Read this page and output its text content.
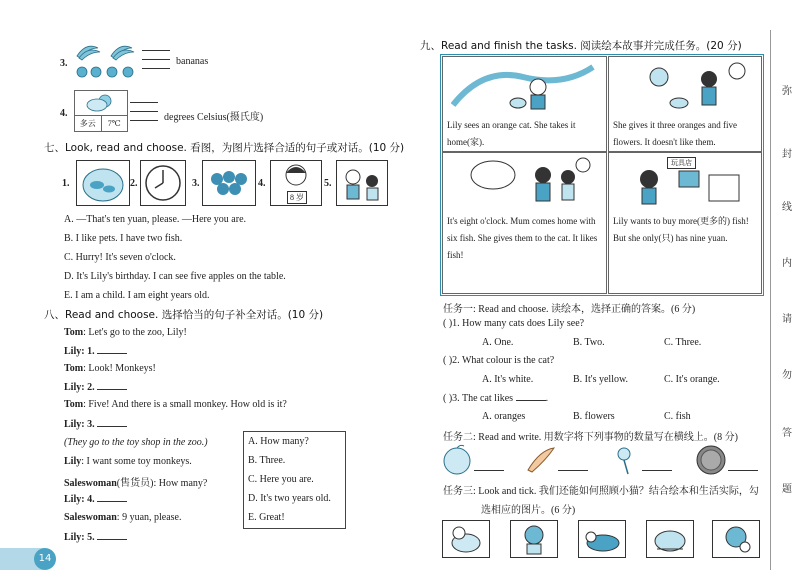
3.	bananas
4.
多云	7℃
degrees Celsius(摄氏度)
七、Look, read and choose. 看图，为图片选择合适的句子或对话。(10 分)
1.	2.	3.	4.
8 岁
5.
A. —That's ten yuan, please. —Here you are.
B. I like pets. I have two fish.
C. Hurry! It's seven o'clock.
D. It's Lily's birthday. I can see five apples on the table.
E. I am a child. I am eight years old.
八、Read and choose. 选择恰当的句子补全对话。(10 分)
Tom: Let's go to the zoo, Lily!
Lily: 1.
Tom: Look! Monkeys!
Lily: 2.
Tom: Five! And there is a small monkey. How old is it?
Lily: 3.
(They go to the toy shop in the zoo.)
Lily: I want some toy monkeys.
Saleswoman(售货员): How many?
Lily: 4.
Saleswoman: 9 yuan, please.
Lily: 5.
A. How many?
B. Three.
C. Here you are.
D. It's two years old.
E. Great!
14
九、Read and finish the tasks. 阅读绘本故事并完成任务。(20 分)
Lily sees an orange cat. She takes it home(家).
She gives it three oranges and five flowers. It doesn't like them.
It's eight o'clock. Mum comes home with six fish. She gives them to the cat. It likes fish!
玩具店
Lily wants to buy more(更多的) fish! But she only(只) has nine yuan.
任务一: Read and choose. 读绘本，选择正确的答案。(6 分)
( )1. How many cats does Lily see?
A. One.	B. Two.	C. Three.
( )2. What colour is the cat?
A. It's white.	B. It's yellow.	C. It's orange.
( )3. The cat likes	.
A. oranges	B. flowers	C. fish
任务二: Read and write. 用数字将下列事物的数量写在横线上。(8 分)
任务三: Look and tick. 我们还能如何照顾小猫？结合绘本和生活实际，勾
选相应的图片。(6 分)
弥
封
线
内
请
勿
答
题
